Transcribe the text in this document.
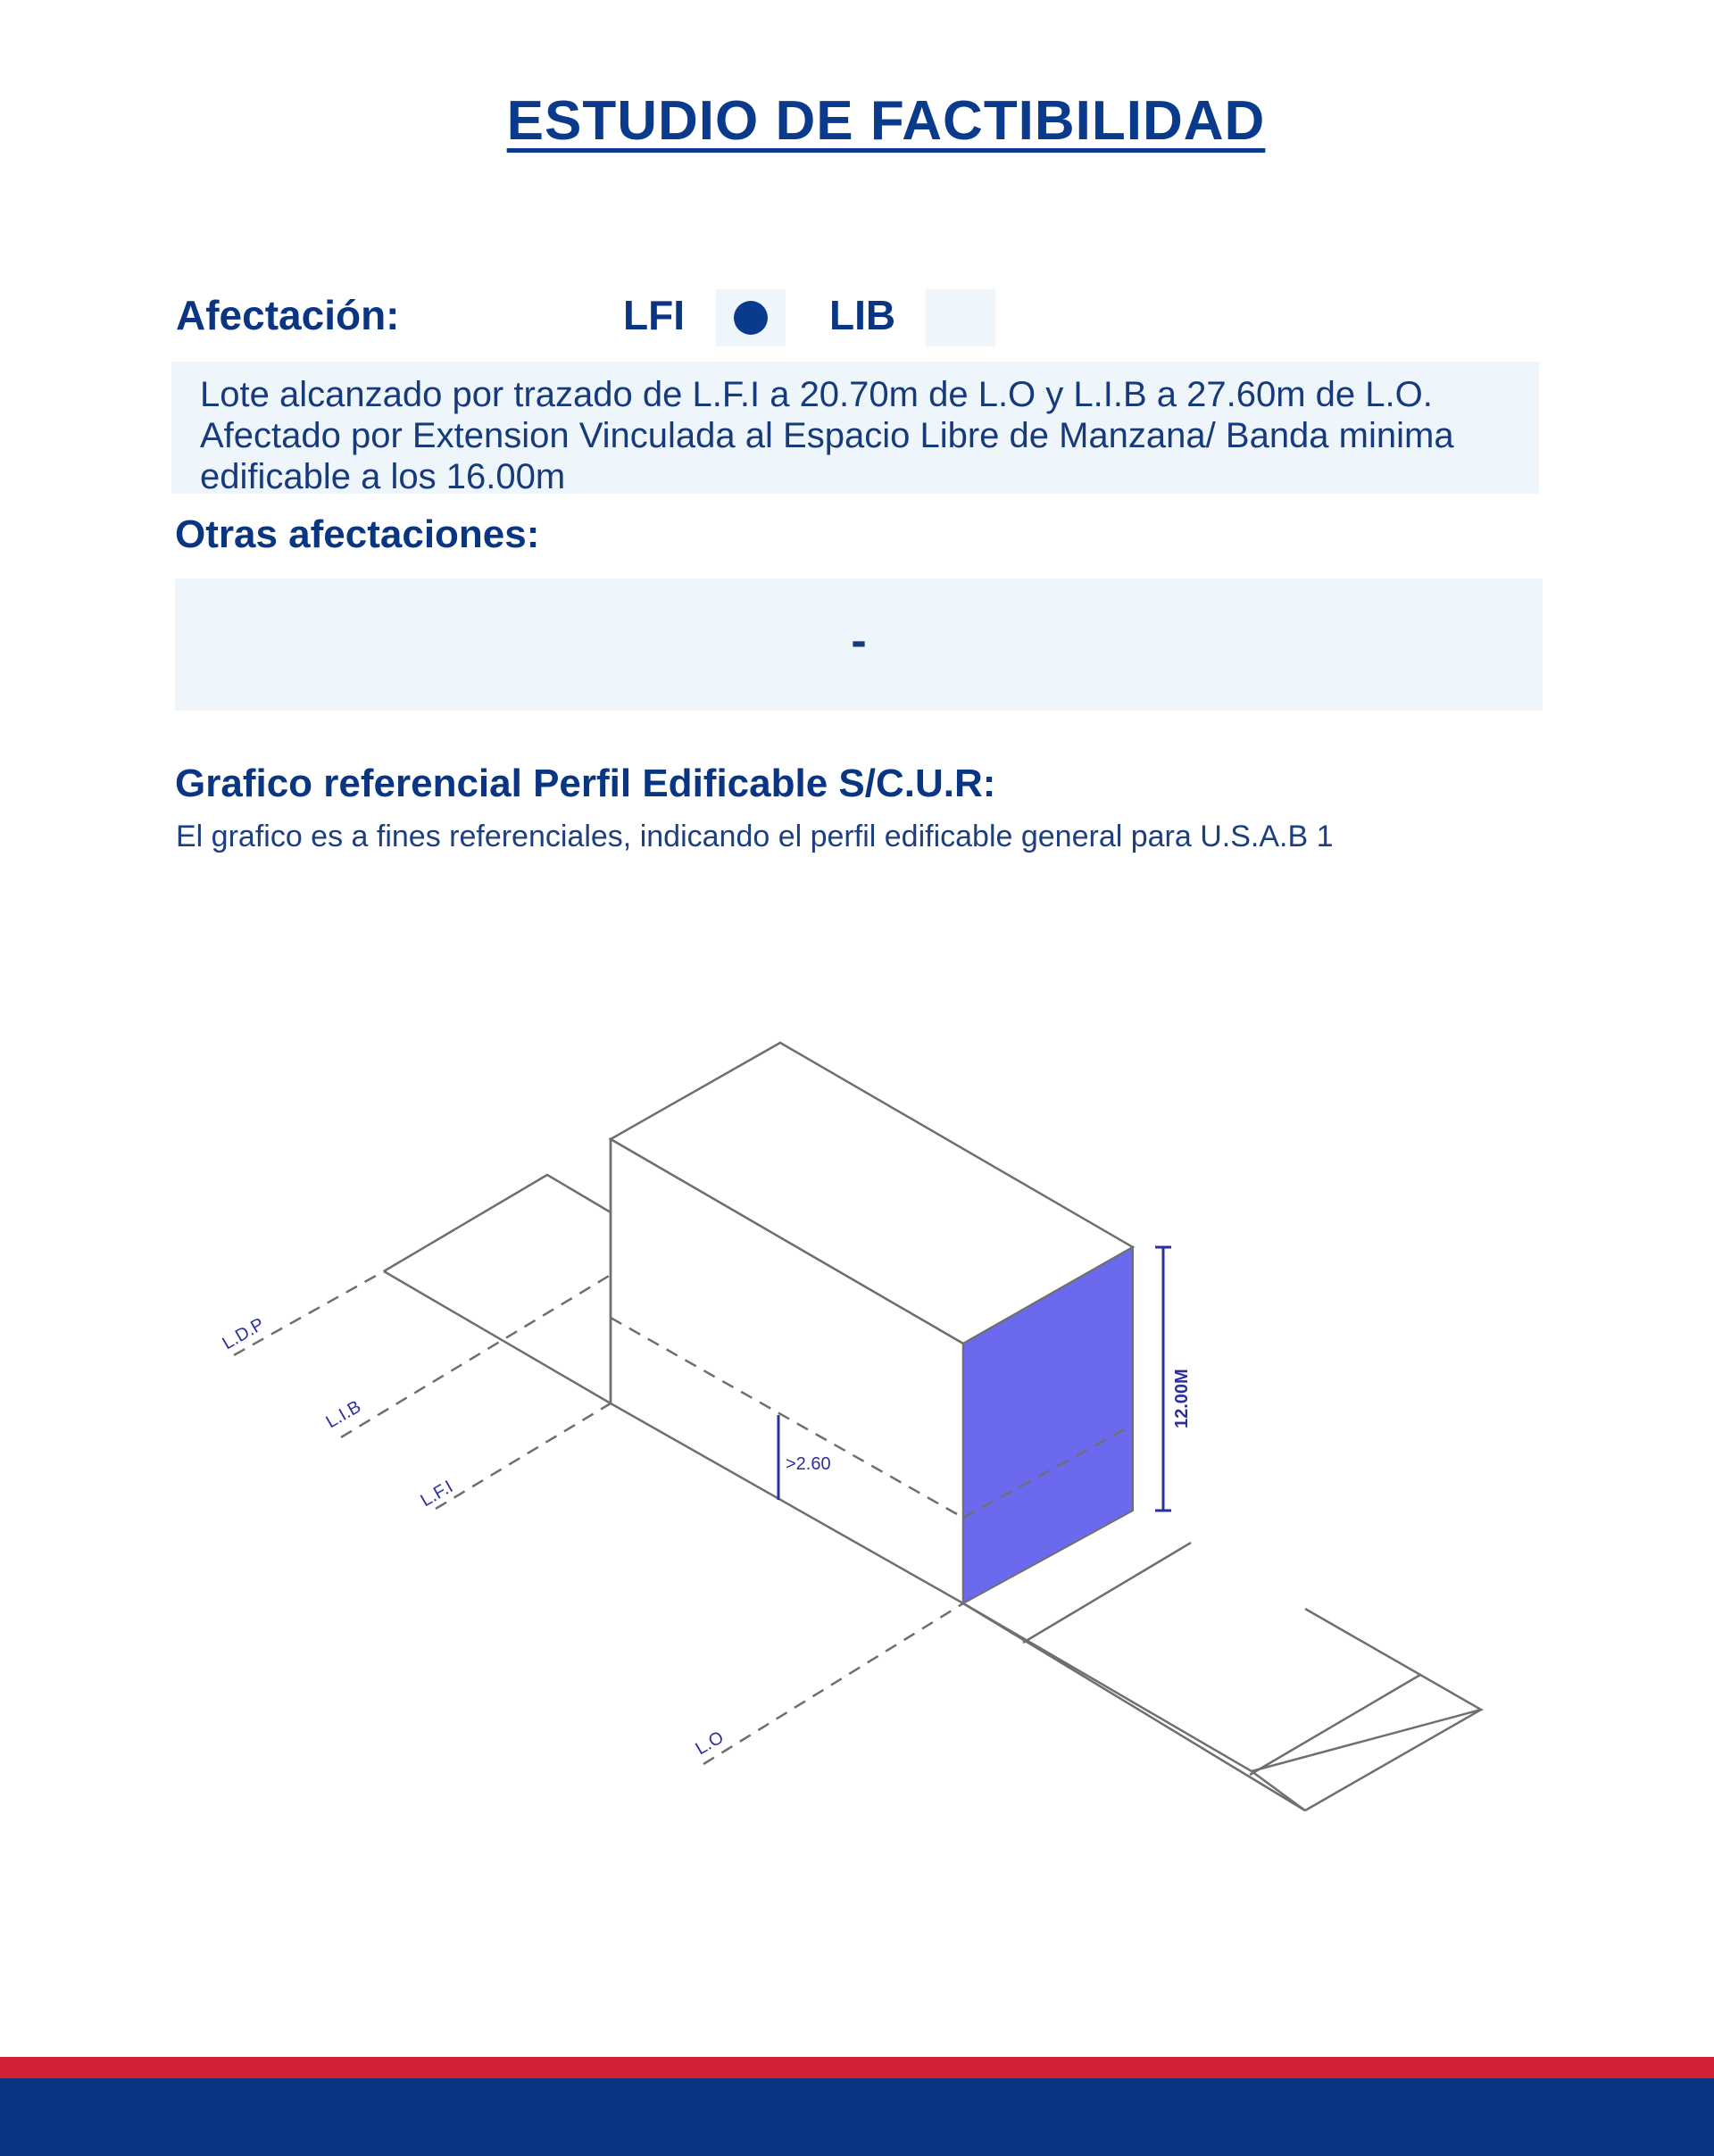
ESTUDIO DE FACTIBILIDAD
Afectación:	LFI	LIB
Lote alcanzado por trazado de L.F.I a 20.70m de L.O y L.I.B a 27.60m de L.O. Afectado por Extension Vinculada al Espacio Libre de Manzana/ Banda minima edificable a los 16.00m
Otras afectaciones:
-
Grafico referencial Perfil Edificable S/C.U.R:
El grafico es a fines referenciales, indicando el perfil edificable general para U.S.A.B 1
L.D.P
L.I.B
L.F.I
L.O
>2.60
12.00M
